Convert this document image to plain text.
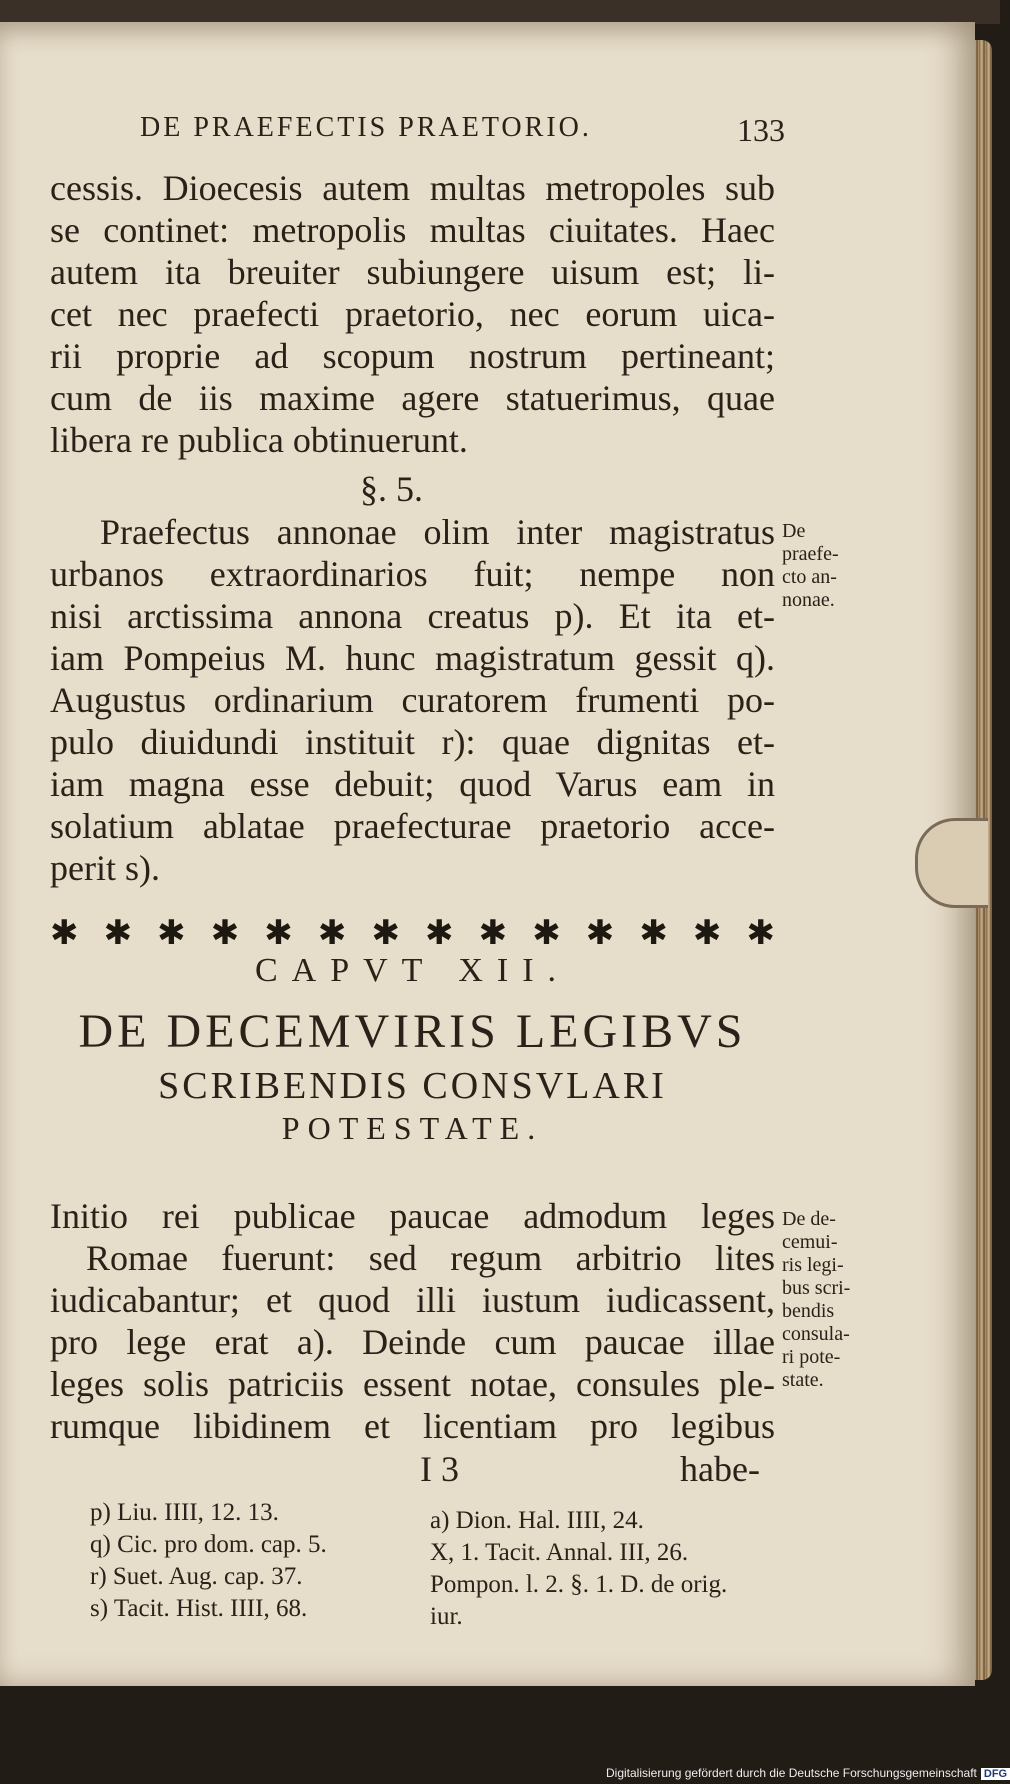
DE PRAEFECTIS PRAETORIO.	133
cessis. Dioecesis autem multas metropoles sub
se continet: metropolis multas ciuitates. Haec
autem ita breuiter subiungere uisum est; li-
cet nec praefecti praetorio, nec eorum uica-
rii proprie ad scopum nostrum pertineant;
cum de iis maxime agere statuerimus, quae
libera re publica obtinuerunt.
§. 5.
Praefectus annonae olim inter magistratus
urbanos extraordinarios fuit; nempe non
nisi arctissima annona creatus p). Et ita et-
iam Pompeius M. hunc magistratum gessit q).
Augustus ordinarium curatorem frumenti po-
pulo diuidundi instituit r): quae dignitas et-
iam magna esse debuit; quod Varus eam in
solatium ablatae praefecturae praetorio acce-
perit s).
De
praefe-
cto an-
nonae.
✱ ✱ ✱ ✱ ✱ ✱ ✱ ✱ ✱ ✱ ✱ ✱ ✱ ✱
CAPVT XII.
DE DECEMVIRIS LEGIBVS
SCRIBENDIS CONSVLARI
POTESTATE.
Initio rei publicae paucae admodum leges
Romae fuerunt: sed regum arbitrio lites
iudicabantur; et quod illi iustum iudicassent,
pro lege erat a). Deinde cum paucae illae
leges solis patriciis essent notae, consules ple-
rumque libidinem et licentiam pro legibus
De de-
cemui-
ris legi-
bus scri-
bendis
consula-
ri pote-
state.
I 3	habe-
p) Liu. IIII, 12. 13.
q) Cic. pro dom. cap. 5.
r) Suet. Aug. cap. 37.
s) Tacit. Hist. IIII, 68.
a) Dion. Hal. IIII, 24.
X, 1. Tacit. Annal. III, 26.
Pompon. l. 2. §. 1. D. de orig.
iur.
Digitalisierung gefördert durch die Deutsche Forschungsgemeinschaft DFG
